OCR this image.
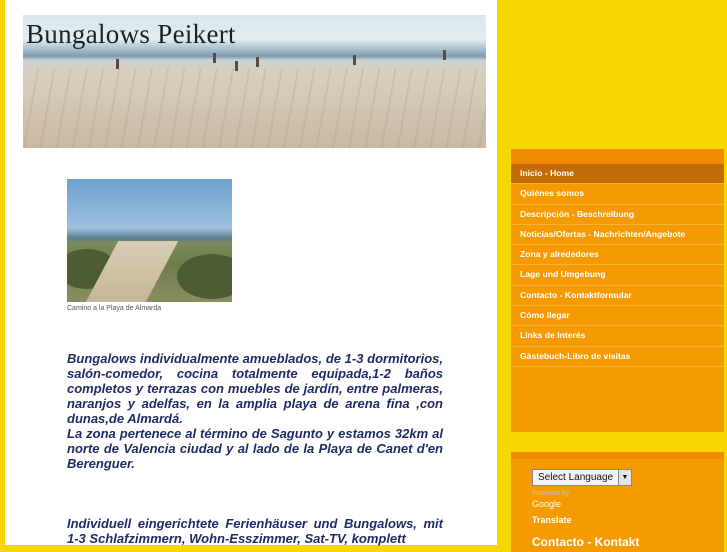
Bungalows Peikert
Camino a la Playa de Almarda
Bungalows individualmente amueblados, de 1-3 dormitorios, salón-comedor, cocina totalmente equipada,1-2 baños completos y terrazas con muebles de jardín, entre palmeras, naranjos y adelfas, en la amplia playa de arena fina ,con dunas,de Almardá.
La zona pertenece al término de Sagunto y estamos 32km al norte de Valencia ciudad y al lado de la Playa de Canet d'en Berenguer.
Individuell eingerichtete Ferienhäuser und Bungalows, mit 1-3 Schlafzimmern, Wohn-Esszimmer, Sat-TV, komplett
Inicio - Home
Quiénes somos
Descripción - Beschreibung
Noticias/Ofertas - Nachrichten/Angebote
Zona y alrededores
Lage und Umgebung
Contacto - Kontaktformular
Cómo llegar
Links de Interés
Gästebuch-Libro de visitas
Select Language	▼
Powered by
Google
Translate
Contacto - Kontakt
